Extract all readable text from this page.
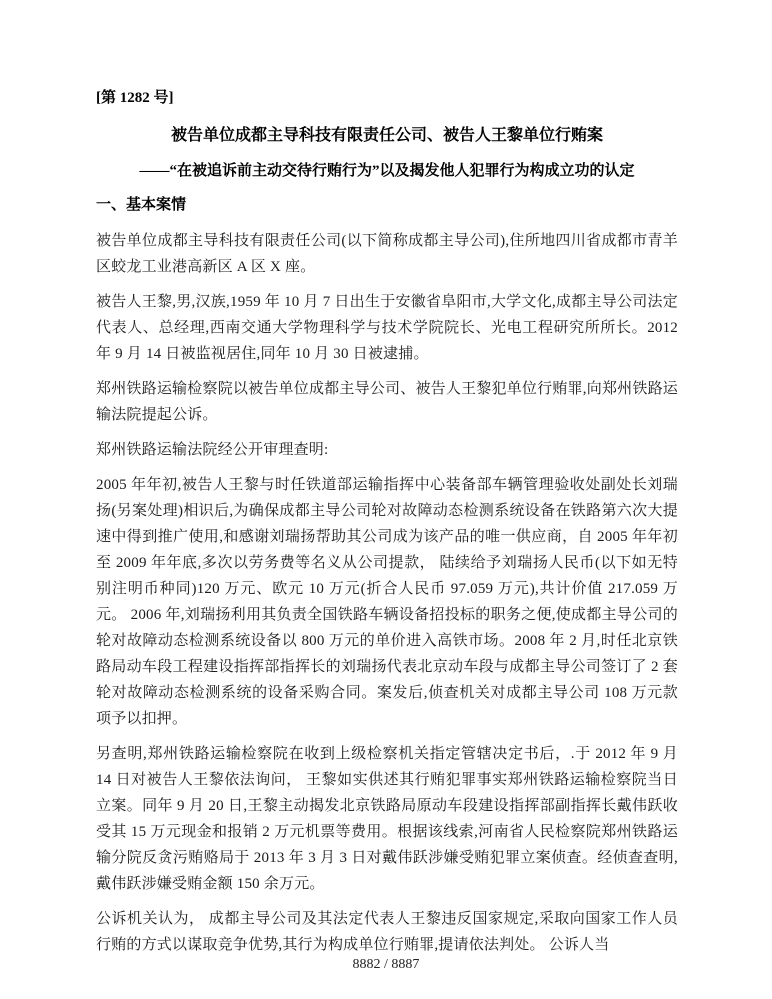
[第 1282 号]

被告单位成都主导科技有限责任公司、被告人王黎单位行贿案
——“在被追诉前主动交待行贿行为”以及揭发他人犯罪行为构成立功的认定
一、基本案情

被告单位成都主导科技有限责任公司(以下简称成都主导公司),住所地四川省成都市青羊区蛟龙工业港高新区 A 区 X 座。

被告人王黎,男,汉族,1959 年 10 月 7 日出生于安徽省阜阳市,大学文化,成都主导公司法定代表人、总经理,西南交通大学物理科学与技术学院院长、光电工程研究所所长。2012 年 9 月 14 日被监视居住,同年 10 月 30 日被逮捕。

郑州铁路运输检察院以被告单位成都主导公司、被告人王黎犯单位行贿罪,向郑州铁路运输法院提起公诉。

郑州铁路运输法院经公开审理查明:

2005 年年初,被告人王黎与时任铁道部运输指挥中心装备部车辆管理验收处副处长刘瑞扬(另案处理)相识后,为确保成都主导公司轮对故障动态检测系统设备在铁路第六次大提速中得到推广使用,和感谢刘瑞扬帮助其公司成为该产品的唯一供应商，自 2005 年年初至 2009 年年底,多次以劳务费等名义从公司提款， 陆续给予刘瑞扬人民币(以下如无特别注明币种同)120 万元、欧元 10 万元(折合人民币 97.059 万元),共计价值 217.059 万元。 2006 年,刘瑞扬利用其负责全国铁路车辆设备招投标的职务之便,使成都主导公司的轮对故障动态检测系统设备以 800 万元的单价进入高铁市场。2008 年 2 月,时任北京铁路局动车段工程建设指挥部指挥长的刘瑞扬代表北京动车段与成都主导公司签订了 2 套轮对故障动态检测系统的设备采购合同。案发后,侦查机关对成都主导公司 108 万元款项予以扣押。

另查明,郑州铁路运输检察院在收到上级检察机关指定管辖决定书后，.于 2012 年 9 月 14 日对被告人王黎依法询问， 王黎如实供述其行贿犯罪事实郑州铁路运输检察院当日立案。同年 9 月 20 日,王黎主动揭发北京铁路局原动车段建设指挥部副指挥长戴伟跃收受其 15 万元现金和报销 2 万元机票等费用。根据该线索,河南省人民检察院郑州铁路运输分院反贪污贿赂局于 2013 年 3 月 3 日对戴伟跃涉嫌受贿犯罪立案侦查。经侦查查明,戴伟跃涉嫌受贿金额 150 余万元。

公诉机关认为， 成都主导公司及其法定代表人王黎违反国家规定,采取向国家工作人员行贿的方式以谋取竞争优势,其行为构成单位行贿罪,提请依法判处。 公诉人当

8882 / 8887
